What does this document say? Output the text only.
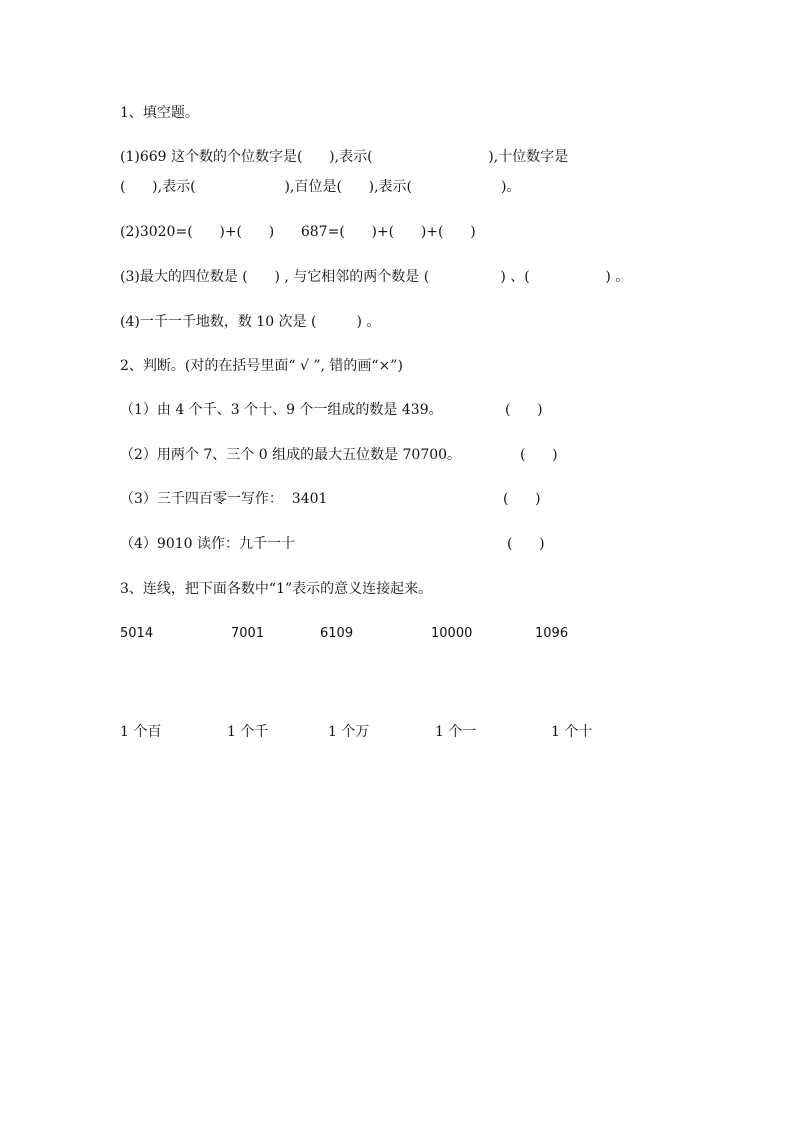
1、填空题。
(1)669 这个数的个位数字是(      ),表示(                          ),十位数字是
(      ),表示(                    ),百位是(      ),表示(                    )。
(2)3020=(      )+(      )      687=(      )+(      )+(      )
(3)最大的四位数是 (      ) , 与它相邻的两个数是 (                ) 、(                 ) 。
(4)一千一千地数，数 10 次是 (         ) 。
2、判断。(对的在括号里面“ √ ”, 错的画“×”)
（1）由 4 个千、3 个十、9 个一组成的数是 439。	(      )
（2）用两个 7、三个 0 组成的最大五位数是 70700。	(      )
（3）三千四百零一写作：  3401	(      )
（4）9010 读作：九千一十	(      )
3、连线，把下面各数中“1”表示的意义连接起来。
5014	7001	6109	10000	1096
1 个百	1 个千	1 个万	1 个一	1 个十
